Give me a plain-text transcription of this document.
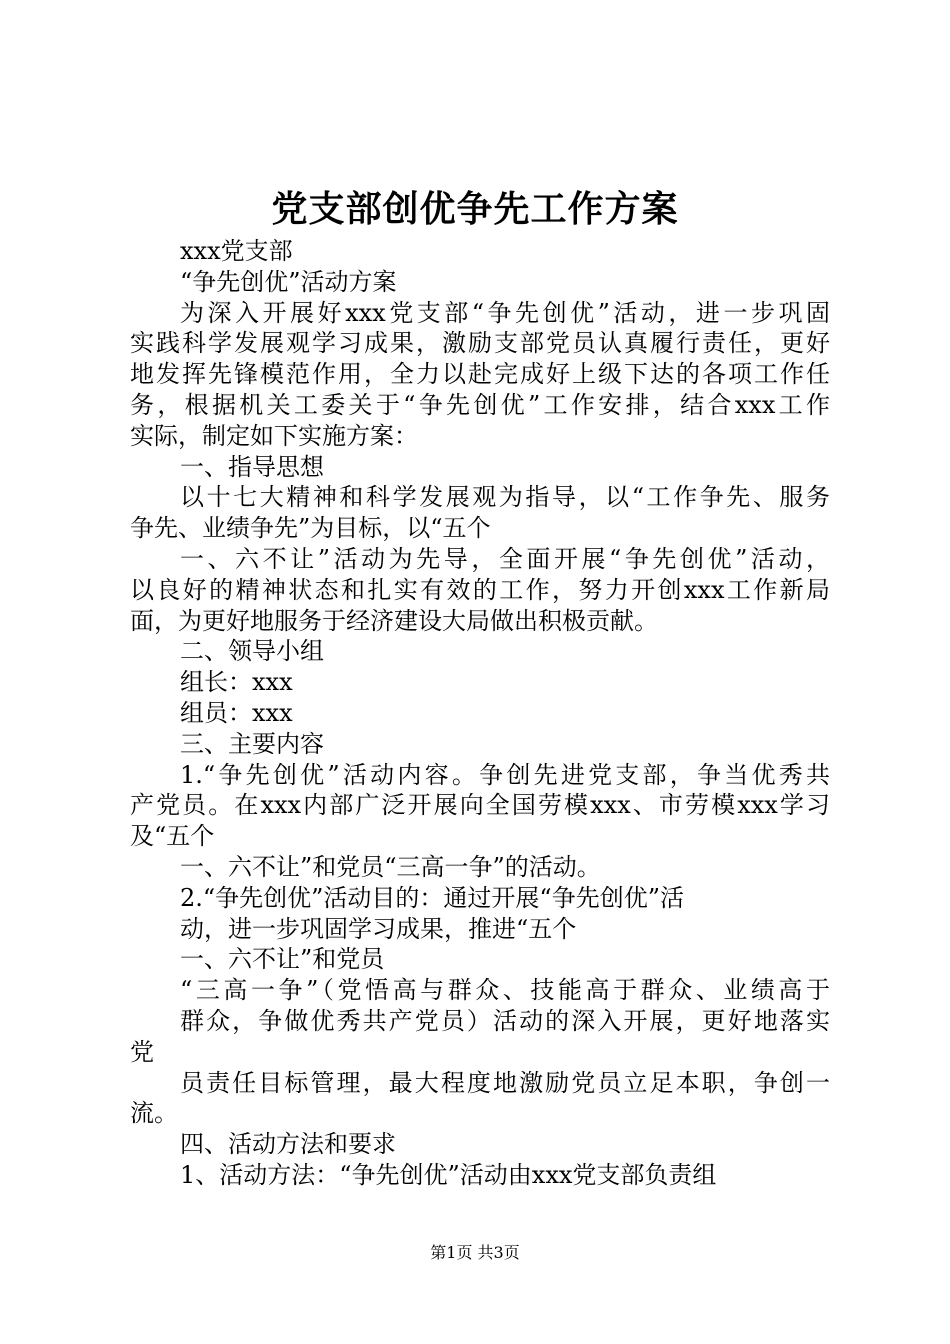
党支部创优争先工作方案
xxx党支部
“争先创优”活动方案
为深入开展好xxx党支部“争先创优”活动，进一步巩固
实践科学发展观学习成果，激励支部党员认真履行责任，更好
地发挥先锋模范作用，全力以赴完成好上级下达的各项工作任
务，根据机关工委关于“争先创优”工作安排，结合xxx工作
实际，制定如下实施方案：
一、指导思想
以十七大精神和科学发展观为指导，以“工作争先、服务
争先、业绩争先”为目标，以“五个
一、六不让”活动为先导，全面开展“争先创优”活动，
以良好的精神状态和扎实有效的工作，努力开创xxx工作新局
面，为更好地服务于经济建设大局做出积极贡献。
二、领导小组
组长：xxx
组员：xxx
三、主要内容
1.“争先创优”活动内容。争创先进党支部，争当优秀共
产党员。在xxx内部广泛开展向全国劳模xxx、市劳模xxx学习
及“五个
一、六不让”和党员“三高一争”的活动。
2.“争先创优”活动目的：通过开展“争先创优”活
动，进一步巩固学习成果，推进“五个
一、六不让”和党员
“三高一争”（党悟高与群众、技能高于群众、业绩高于
群众，争做优秀共产党员）活动的深入开展，更好地落实
党
员责任目标管理，最大程度地激励党员立足本职，争创一
流。
四、活动方法和要求
1、活动方法：“争先创优”活动由xxx党支部负责组
第1页 共3页
